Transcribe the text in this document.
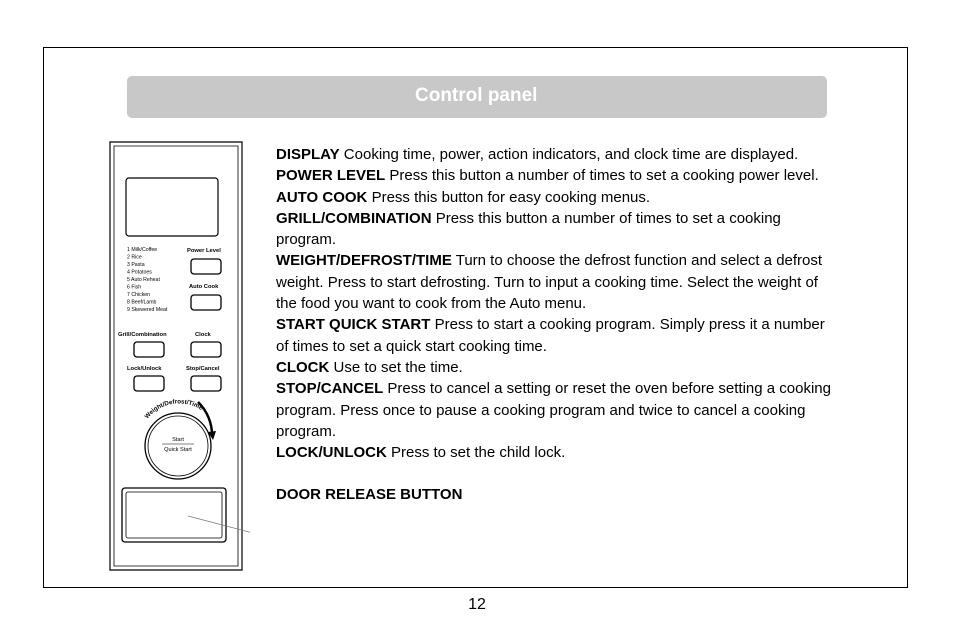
Control panel
1 Milk/Coffee
2 Rice
3 Pasta
4 Potatoes
5 Auto Reheat
6 Fish
7 Chicken
8 Beef/Lamb
9 Skewered Meat
Power Level
Auto Cook
Grill/Combination	Clock
Lock/Unlock	Stop/Cancel
Weight/Defrost/Time
Start
Quick Start

DISPLAY Cooking time, power, action indicators, and clock time are displayed.

POWER LEVEL Press this button a number of times to set a cooking power level.

AUTO COOK Press this button for easy cooking menus.

GRILL/COMBINATION Press this button a number of times to set a cooking program.

WEIGHT/DEFROST/TIME Turn to choose the defrost function and select a defrost weight. Press to start defrosting. Turn to input a cooking time. Select the weight of the food you want to cook from the Auto menu.

START QUICK START Press to start a cooking program. Simply press it a number of times to set a quick start cooking time.

CLOCK Use to set the time.

STOP/CANCEL Press to cancel a setting or reset the oven before setting a cooking program. Press once to pause a cooking program and twice to cancel a cooking program.

LOCK/UNLOCK Press to set the child lock.

DOOR RELEASE BUTTON

12
